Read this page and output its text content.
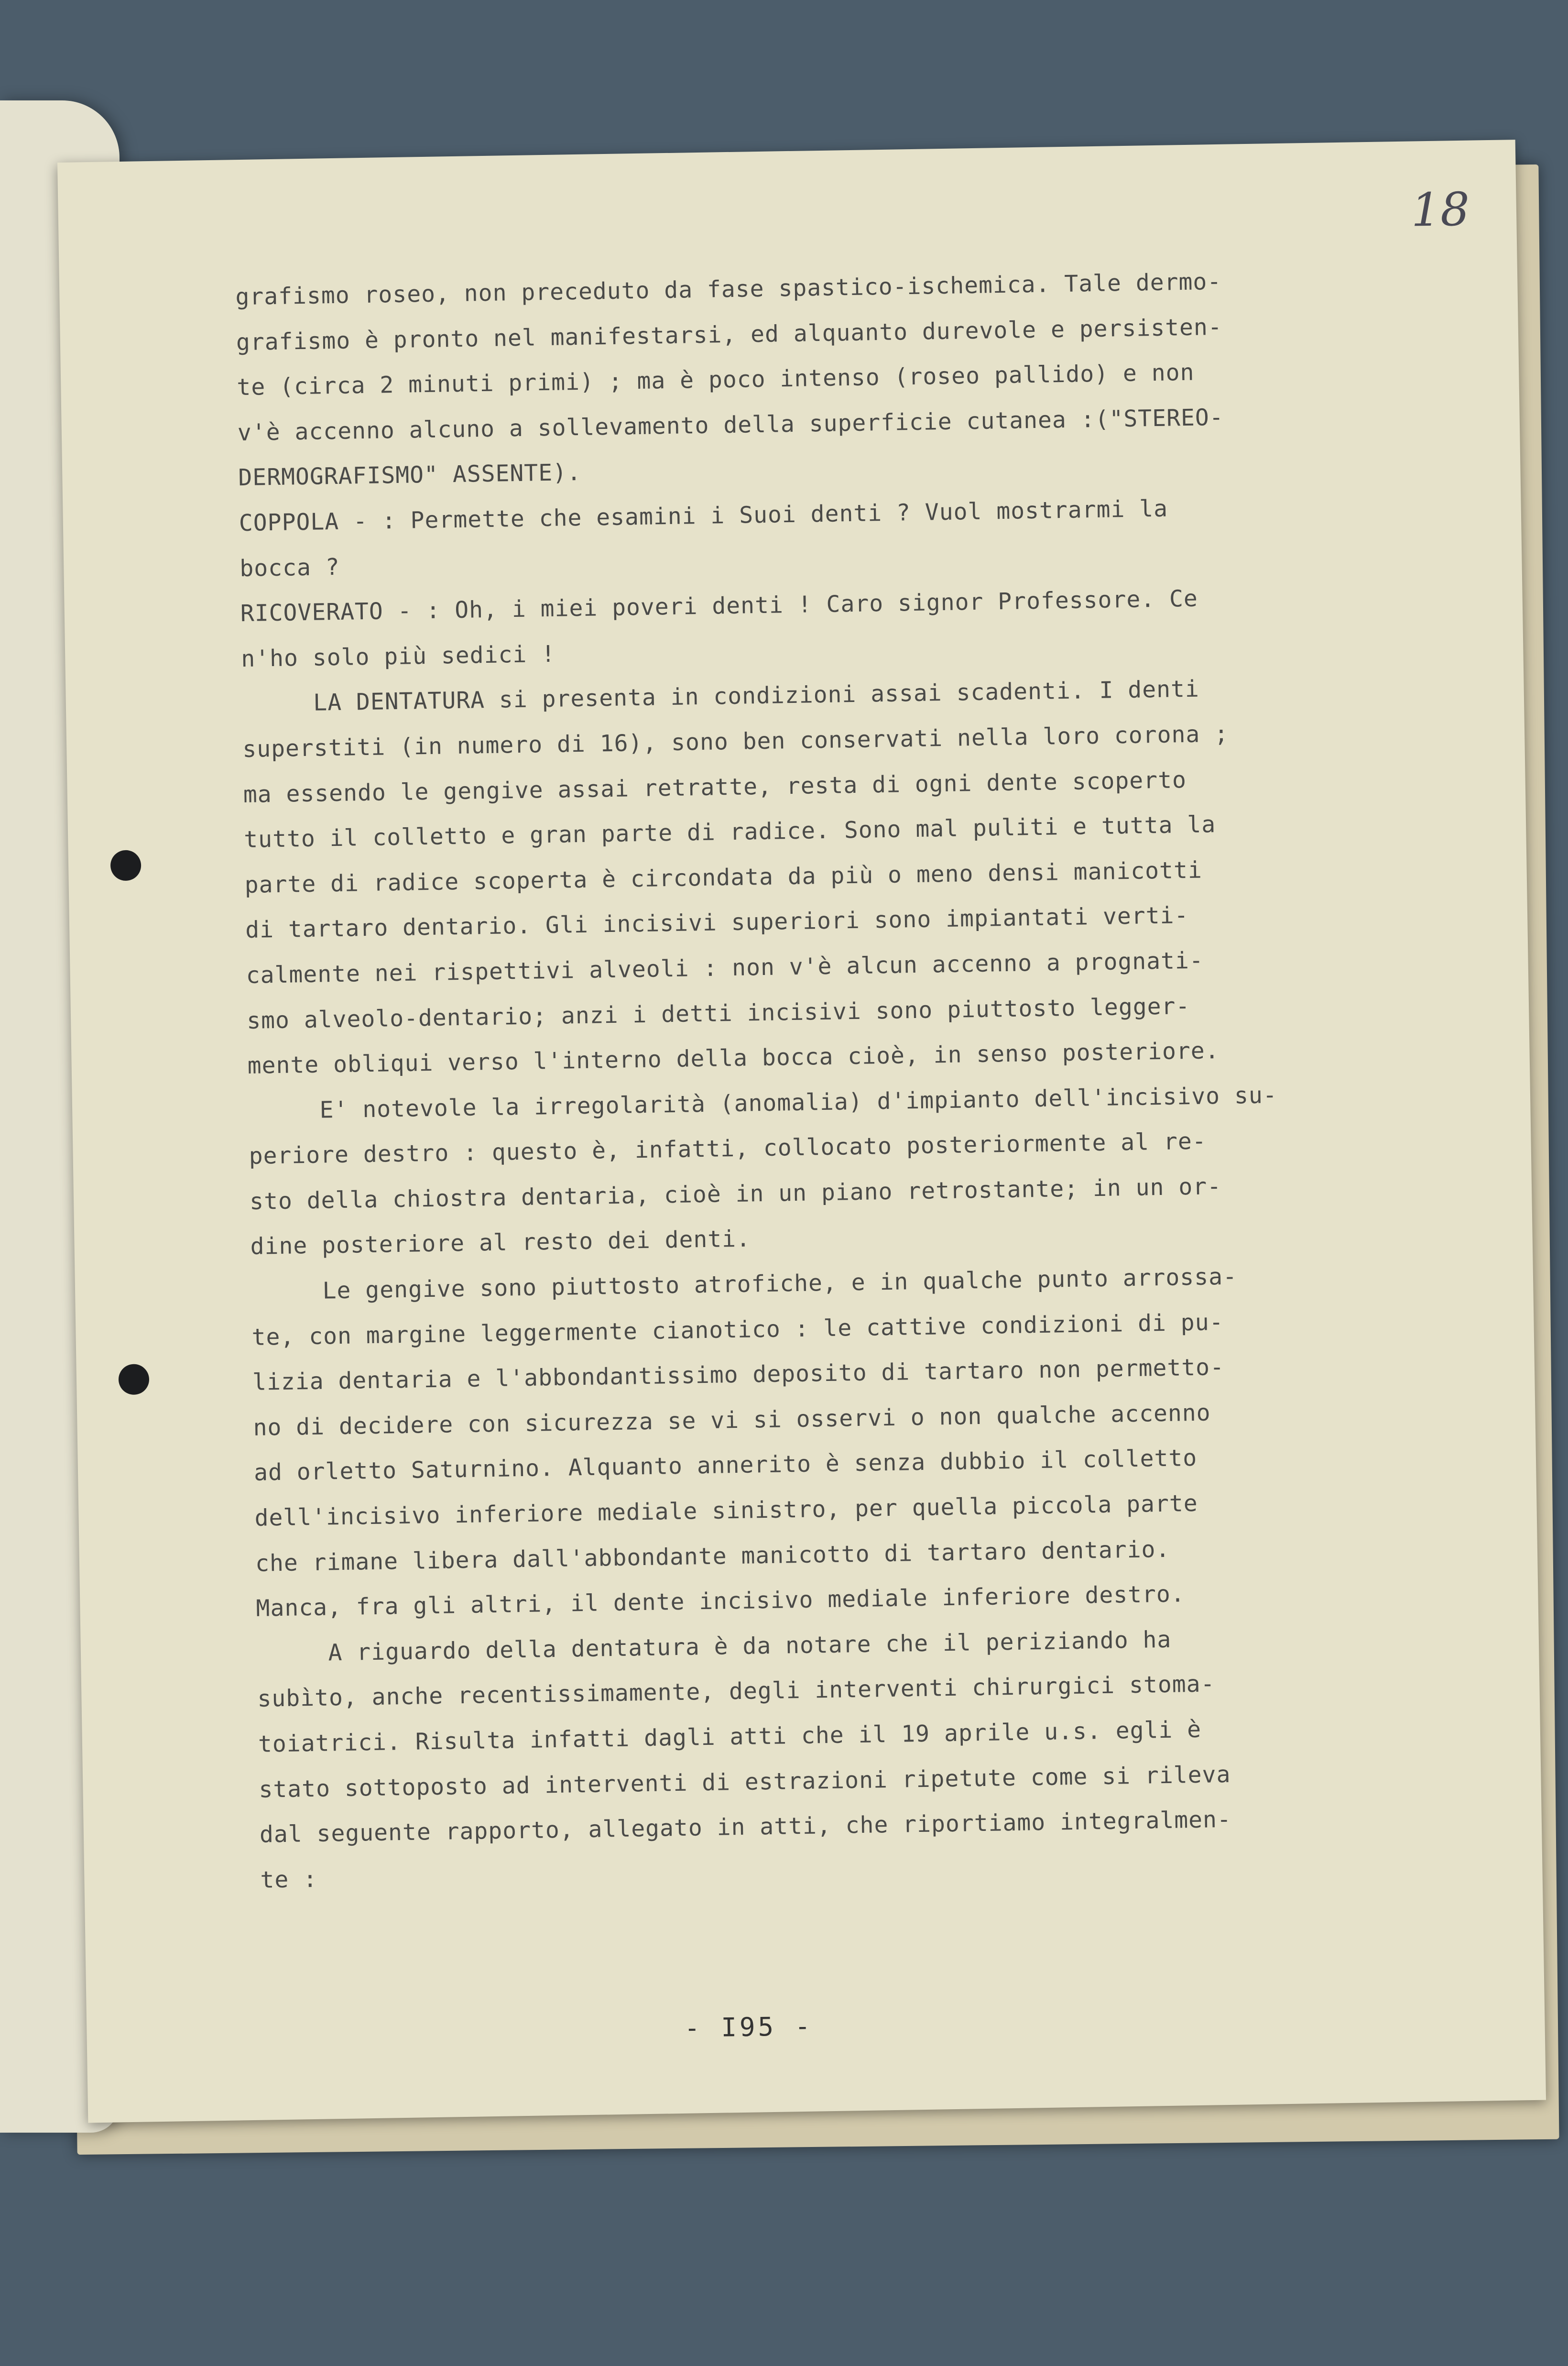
18
grafismo roseo, non preceduto da fase spastico-ischemica. Tale dermo-
grafismo è pronto nel manifestarsi, ed alquanto durevole e persisten-
te (circa 2 minuti primi) ; ma è poco intenso (roseo pallido) e non
v'è accenno alcuno a sollevamento della superficie cutanea :("STEREO-
DERMOGRAFISMO" ASSENTE).
COPPOLA - : Permette che esamini i Suoi denti ? Vuol mostrarmi la
bocca ?
RICOVERATO - : Oh, i miei poveri denti ! Caro signor Professore. Ce
n'ho solo più sedici !
LA DENTATURA si presenta in condizioni assai scadenti. I denti
superstiti (in numero di 16), sono ben conservati nella loro corona ;
ma essendo le gengive assai retratte, resta di ogni dente scoperto
tutto il colletto e gran parte di radice. Sono mal puliti e tutta la
parte di radice scoperta è circondata da più o meno densi manicotti
di tartaro dentario. Gli incisivi superiori sono impiantati verti-
calmente nei rispettivi alveoli : non v'è alcun accenno a prognati-
smo alveolo-dentario; anzi i detti incisivi sono piuttosto legger-
mente obliqui verso l'interno della bocca cioè, in senso posteriore.
E' notevole la irregolarità (anomalia) d'impianto dell'incisivo su-
periore destro : questo è, infatti, collocato posteriormente al re-
sto della chiostra dentaria, cioè in un piano retrostante; in un or-
dine posteriore al resto dei denti.
Le gengive sono piuttosto atrofiche, e in qualche punto arrossa-
te, con margine leggermente cianotico : le cattive condizioni di pu-
lizia dentaria e l'abbondantissimo deposito di tartaro non permetto-
no di decidere con sicurezza se vi si osservi o non qualche accenno
ad orletto Saturnino. Alquanto annerito è senza dubbio il colletto
dell'incisivo inferiore mediale sinistro, per quella piccola parte
che rimane libera dall'abbondante manicotto di tartaro dentario.
Manca, fra gli altri, il dente incisivo mediale inferiore destro.
A riguardo della dentatura è da notare che il periziando ha
subìto, anche recentissimamente, degli interventi chirurgici stoma-
toiatrici. Risulta infatti dagli atti che il 19 aprile u.s. egli è
stato sottoposto ad interventi di estrazioni ripetute come si rileva
dal seguente rapporto, allegato in atti, che riportiamo integralmen-
te :
- I95 -
